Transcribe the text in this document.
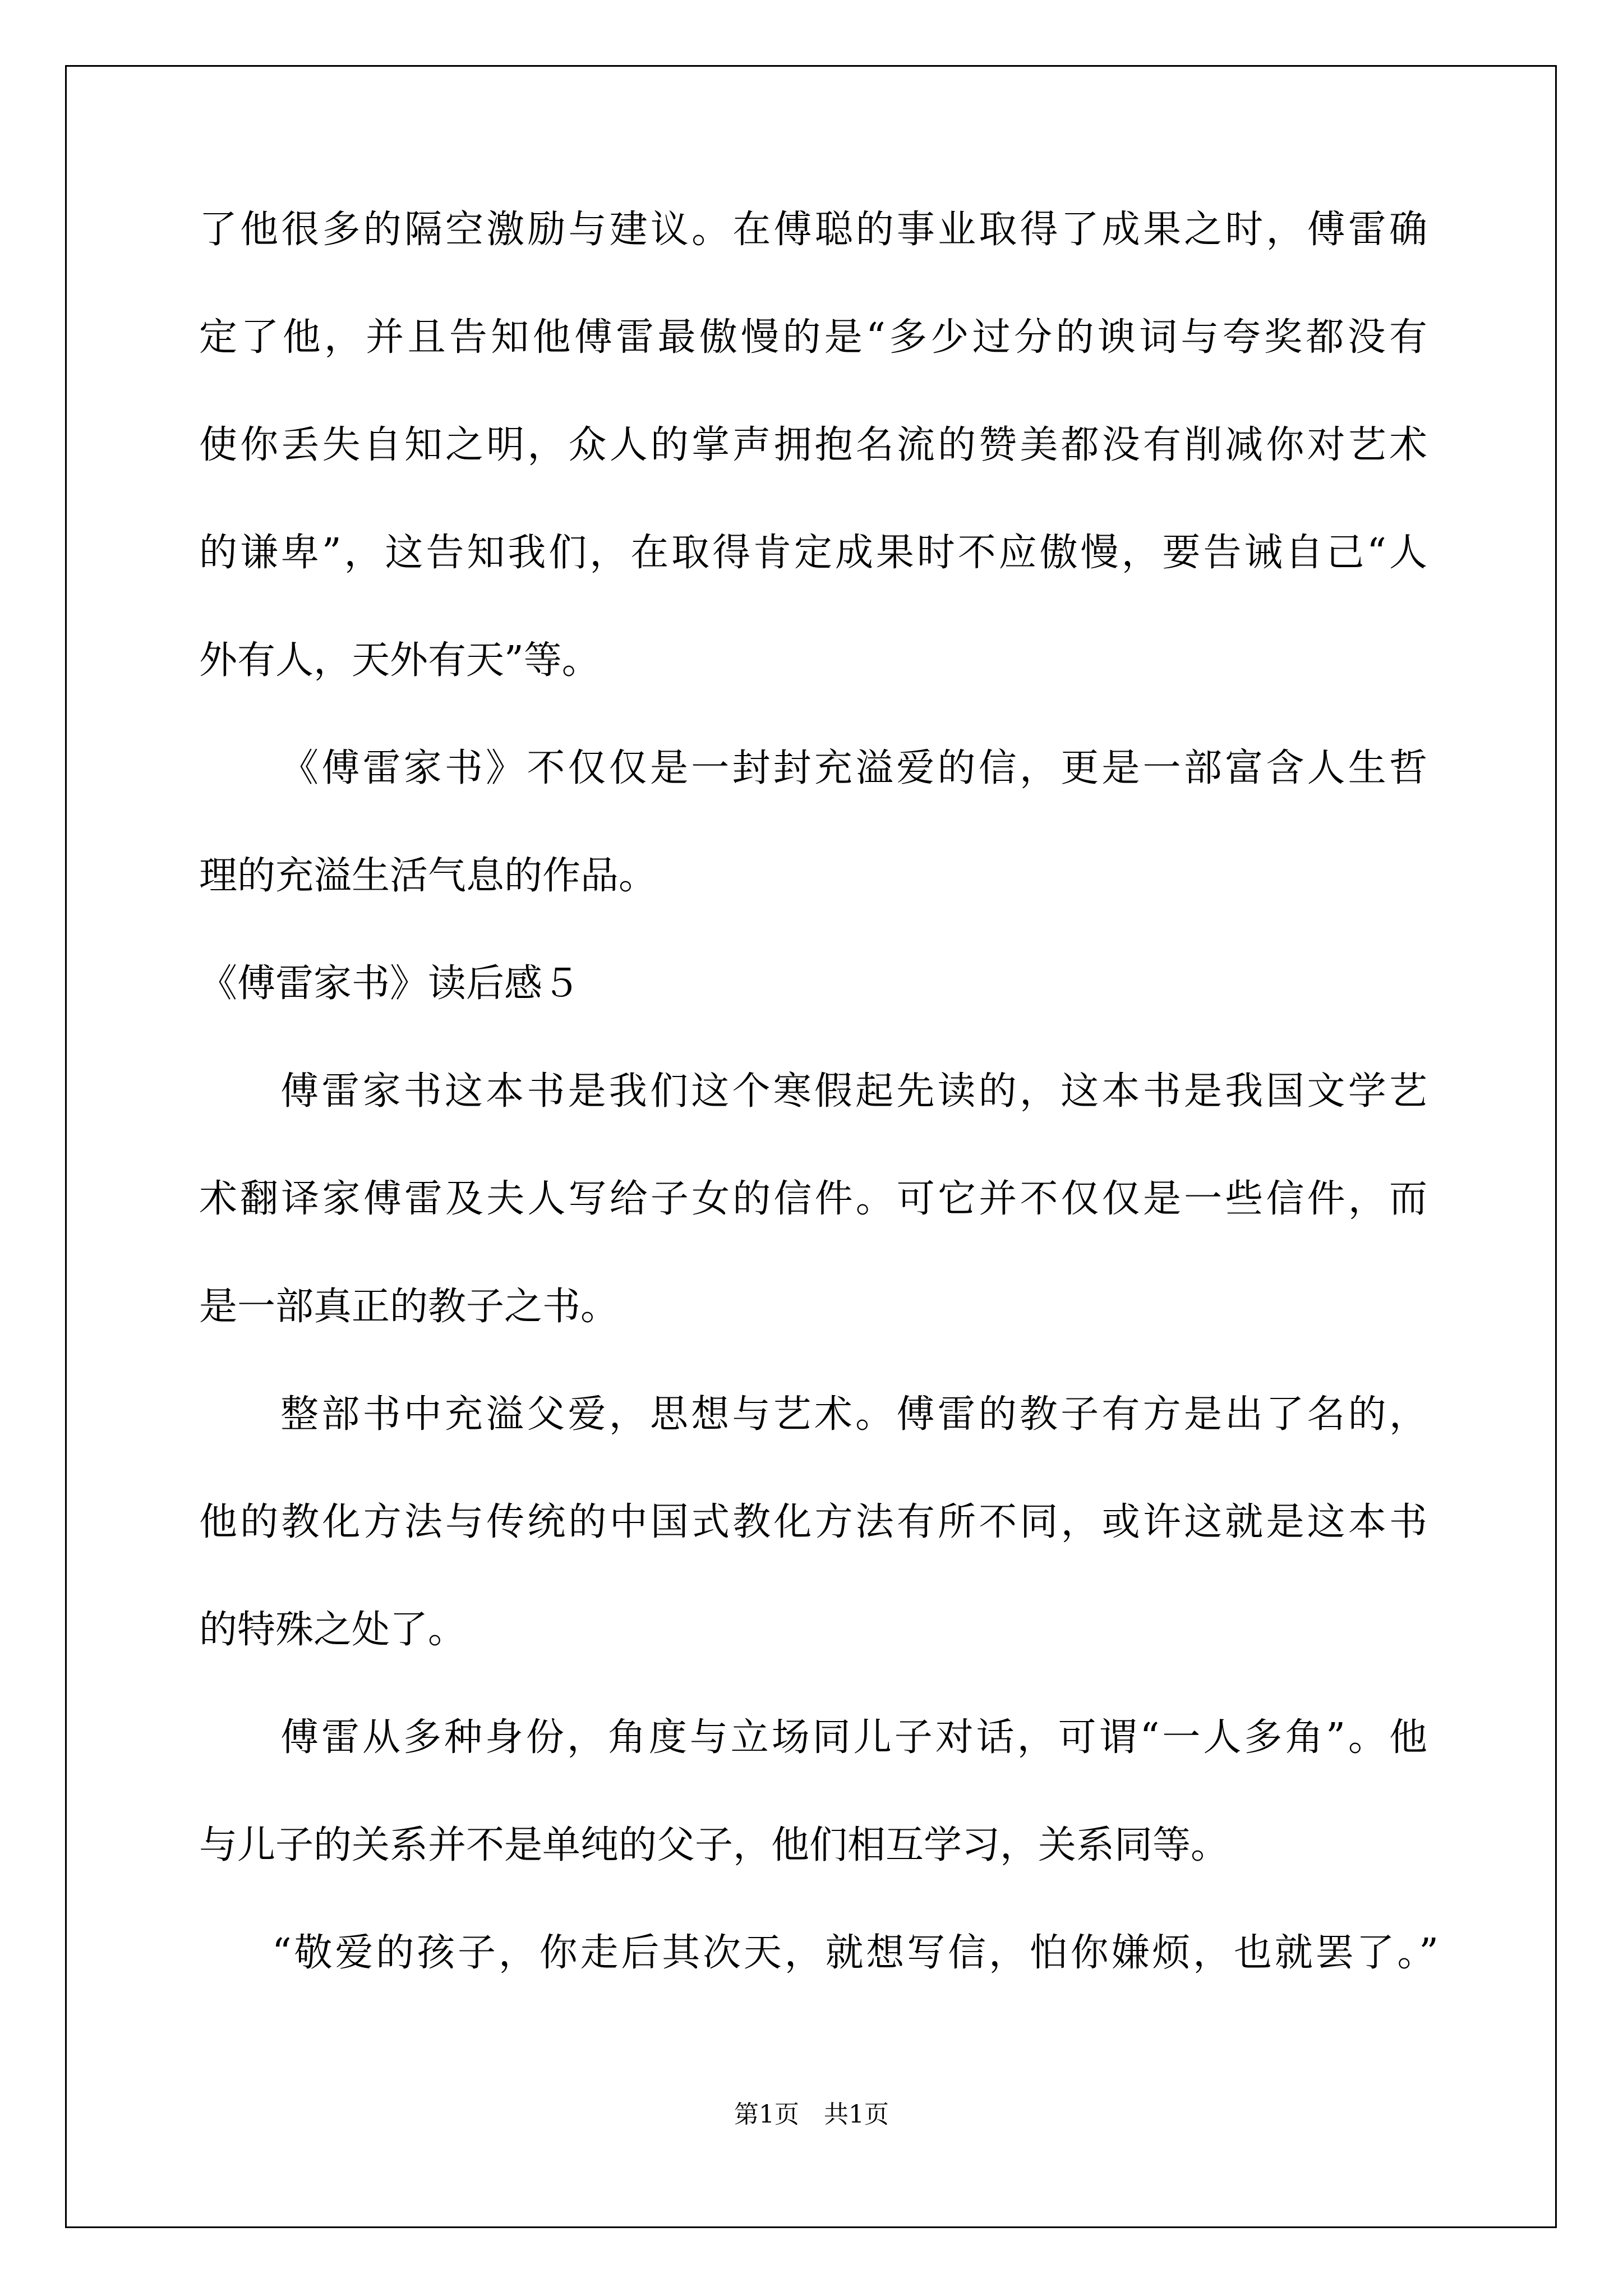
了他很多的隔空激励与建议。在傅聪的事业取得了成果之时，傅雷确
定了他，并且告知他傅雷最傲慢的是“多少过分的谀词与夸奖都没有
使你丢失自知之明，众人的掌声拥抱名流的赞美都没有削减你对艺术
的谦卑”，这告知我们，在取得肯定成果时不应傲慢，要告诫自己“人
外有人，天外有天”等。
《傅雷家书》不仅仅是一封封充溢爱的信，更是一部富含人生哲
理的充溢生活气息的作品。
《傅雷家书》读后感５
傅雷家书这本书是我们这个寒假起先读的，这本书是我国文学艺
术翻译家傅雷及夫人写给子女的信件。可它并不仅仅是一些信件，而
是一部真正的教子之书。
整部书中充溢父爱，思想与艺术。傅雷的教子有方是出了名的，
他的教化方法与传统的中国式教化方法有所不同，或许这就是这本书
的特殊之处了。
傅雷从多种身份，角度与立场同儿子对话，可谓“一人多角”。他
与儿子的关系并不是单纯的父子，他们相互学习，关系同等。
“敬爱的孩子，你走后其次天，就想写信，怕你嫌烦，也就罢了。”
第1页　共1页
